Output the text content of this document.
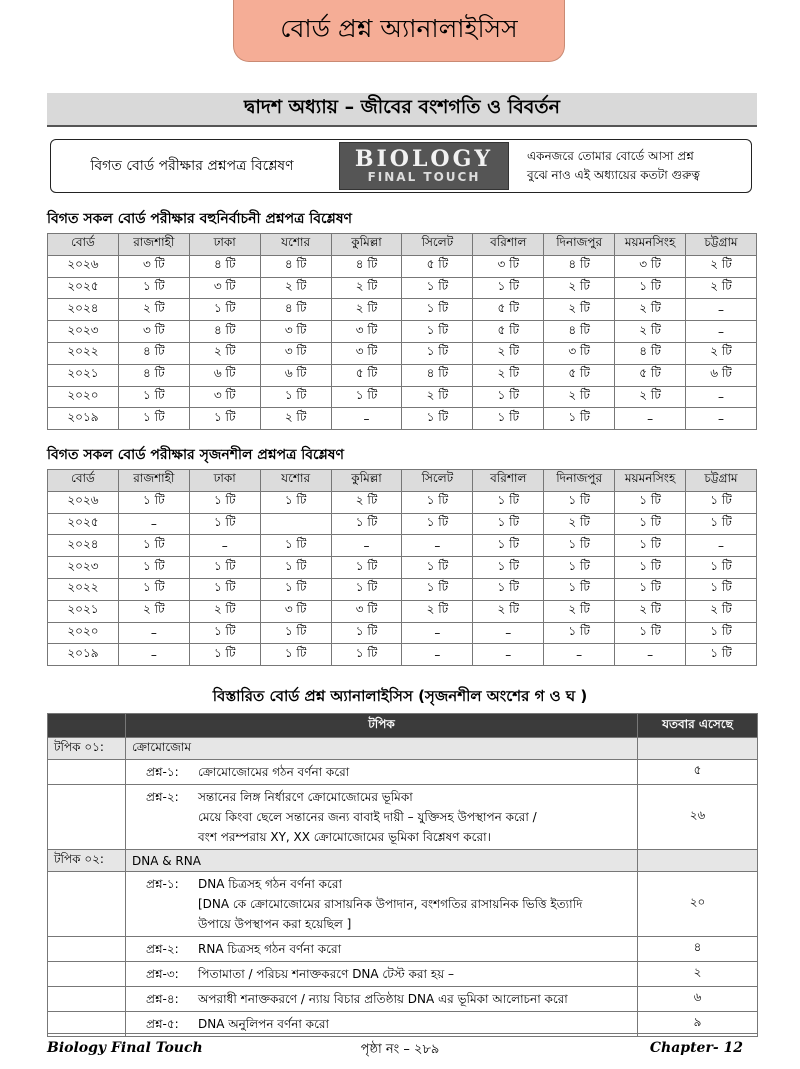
বোর্ড প্রশ্ন অ্যানালাইসিস
দ্বাদশ অধ্যায় – জীবের বংশগতি ও বিবর্তন
বিগত বোর্ড পরীক্ষার প্রশ্নপত্র বিশ্লেষণ	BIOLOGY
FINAL TOUCH
একনজরে তোমার বোর্ডে আসা প্রশ্ন
বুঝে নাও এই অধ্যায়ের কতটা গুরুত্ব
বিগত সকল বোর্ড পরীক্ষার বহুনির্বাচনী প্রশ্নপত্র বিশ্লেষণ
বোর্ড	রাজশাহী	ঢাকা	যশোর	কুমিল্লা	সিলেট	বরিশাল	দিনাজপুর	ময়মনসিংহ	চট্টগ্রাম
২০২৬	৩ টি	৪ টি	৪ টি	৪ টি	৫ টি	৩ টি	৪ টি	৩ টি	২ টি
২০২৫	১ টি	৩ টি	২ টি	২ টি	১ টি	১ টি	২ টি	১ টি	২ টি
২০২৪	২ টি	১ টি	৪ টি	২ টি	১ টি	৫ টি	২ টি	২ টি	–
২০২৩	৩ টি	৪ টি	৩ টি	৩ টি	১ টি	৫ টি	৪ টি	২ টি	–
২০২২	৪ টি	২ টি	৩ টি	৩ টি	১ টি	২ টি	৩ টি	৪ টি	২ টি
২০২১	৪ টি	৬ টি	৬ টি	৫ টি	৪ টি	২ টি	৫ টি	৫ টি	৬ টি
২০২০	১ টি	৩ টি	১ টি	১ টি	২ টি	১ টি	২ টি	২ টি	–
২০১৯	১ টি	১ টি	২ টি	–	১ টি	১ টি	১ টি	–	–
বিগত সকল বোর্ড পরীক্ষার সৃজনশীল প্রশ্নপত্র বিশ্লেষণ
বোর্ড	রাজশাহী	ঢাকা	যশোর	কুমিল্লা	সিলেট	বরিশাল	দিনাজপুর	ময়মনসিংহ	চট্টগ্রাম
২০২৬	১ টি	১ টি	১ টি	২ টি	১ টি	১ টি	১ টি	১ টি	১ টি
২০২৫	–	১ টি		১ টি	১ টি	১ টি	২ টি	১ টি	১ টি
২০২৪	১ টি	–	১ টি	–	–	১ টি	১ টি	১ টি	–
২০২৩	১ টি	১ টি	১ টি	১ টি	১ টি	১ টি	১ টি	১ টি	১ টি
২০২২	১ টি	১ টি	১ টি	১ টি	১ টি	১ টি	১ টি	১ টি	১ টি
২০২১	২ টি	২ টি	৩ টি	৩ টি	২ টি	২ টি	২ টি	২ টি	২ টি
২০২০	–	১ টি	১ টি	১ টি	–	–	১ টি	১ টি	১ টি
২০১৯	–	১ টি	১ টি	১ টি	–	–	–	–	১ টি
বিস্তারিত বোর্ড প্রশ্ন অ্যানালাইসিস (সৃজনশীল অংশের গ ও ঘ )
	টপিক	যতবার এসেছে
টপিক ০১:	ক্রোমোজোম	

	প্রশ্ন-১: ক্রোমোজোমের গঠন বর্ণনা করো	৫

	প্রশ্ন-২: সন্তানের লিঙ্গ নির্ধারণে ক্রোমোজোমের ভূমিকা
মেয়ে কিংবা ছেলে সন্তানের জন্য বাবাই দায়ী – যুক্তিসহ উপস্থাপন করো /
বংশ পরম্পরায় XY, XX ক্রোমোজোমের ভূমিকা বিশ্লেষণ করো।	২৬
টপিক ০২:	DNA & RNA	

	প্রশ্ন-১: DNA চিত্রসহ গঠন বর্ণনা করো
[DNA কে ক্রোমোজোমের রাসায়নিক উপাদান, বংশগতির রাসায়নিক ভিত্তি ইত্যাদি
উপায়ে উপস্থাপন করা হয়েছিল ]	২০

	প্রশ্ন-২: RNA চিত্রসহ গঠন বর্ণনা করো	৪

	প্রশ্ন-৩: পিতামাতা / পরিচয় শনাক্তকরণে DNA টেস্ট করা হয় –	২

	প্রশ্ন-৪: অপরাধী শনাক্তকরণে / ন্যায় বিচার প্রতিষ্ঠায় DNA এর ভূমিকা আলোচনা করো	৬

	প্রশ্ন-৫: DNA অনুলিপন বর্ণনা করো	৯
Biology Final Touch	পৃষ্ঠা নং – ২৮৯	Chapter- 12
